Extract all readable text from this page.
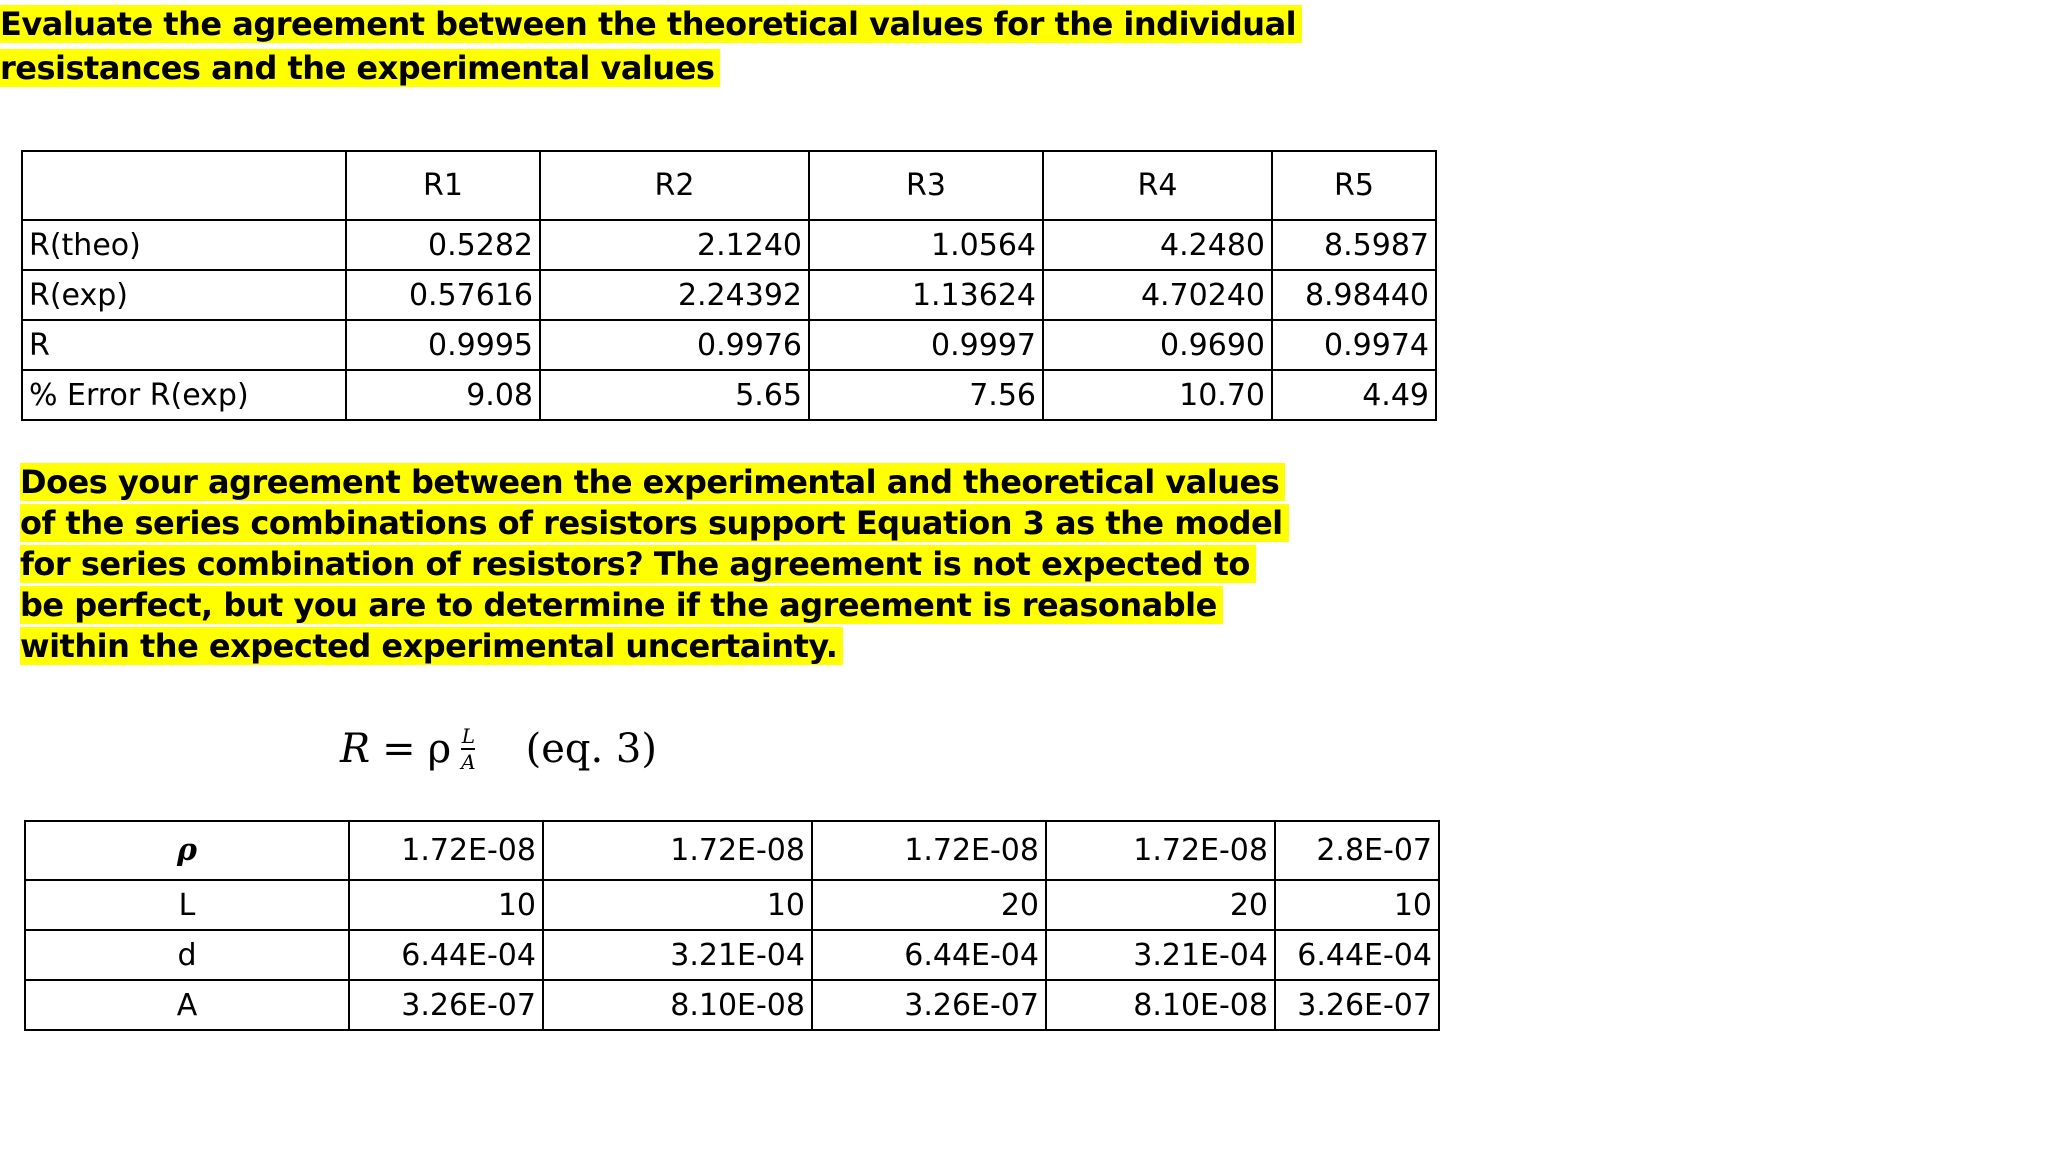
Evaluate the agreement between the theoretical values for the individual
resistances and the experimental values
	R1	R2	R3	R4	R5
R(theo)	0.5282	2.1240	1.0564	4.2480	8.5987
R(exp)	0.57616	2.24392	1.13624	4.70240	8.98440
R	0.9995	0.9976	0.9997	0.9690	0.9974
% Error R(exp)	9.08	5.65	7.56	10.70	4.49
Does your agreement between the experimental and theoretical values
of the series combinations of resistors support Equation 3 as the model
for series combination of resistors? The agreement is not expected to
be perfect, but you are to determine if the agreement is reasonable
within the expected experimental uncertainty.
R = ρ $\frac{L}{A} (eq$. 3)
ρ	1.72E-08	1.72E-08	1.72E-08	1.72E-08	2.8E-07
L	10	10	20	20	10
d	6.44E-04	3.21E-04	6.44E-04	3.21E-04	6.44E-04
A	3.26E-07	8.10E-08	3.26E-07	8.10E-08	3.26E-07
